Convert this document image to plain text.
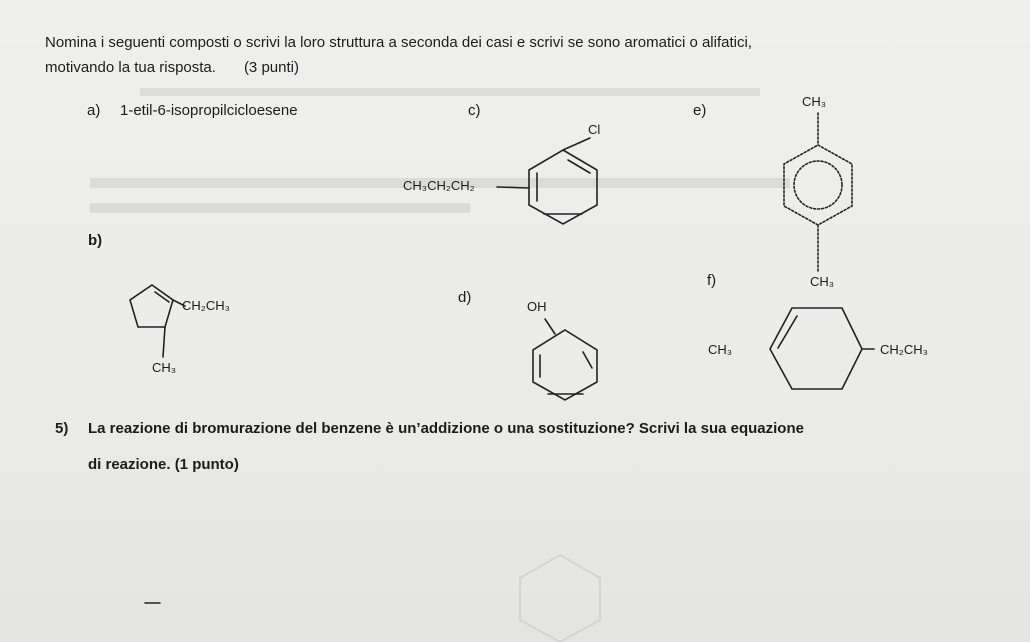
Nomina i seguenti composti o scrivi la loro struttura a seconda dei casi e scrivi se sono aromatici o alifatici,
motivando la tua risposta. (3 punti)
a) 1-etil-6-isopropilcicloesene
b)
CH₂CH₃
CH₃
c)
CH₃CH₂CH₂
Cl
d)
OH
e)
CH₃
CH₃
f)
CH₃	CH₂CH₃
5) La reazione di bromurazione del benzene è un’addizione o una sostituzione? Scrivi la sua equazione
di reazione. (1 punto)
